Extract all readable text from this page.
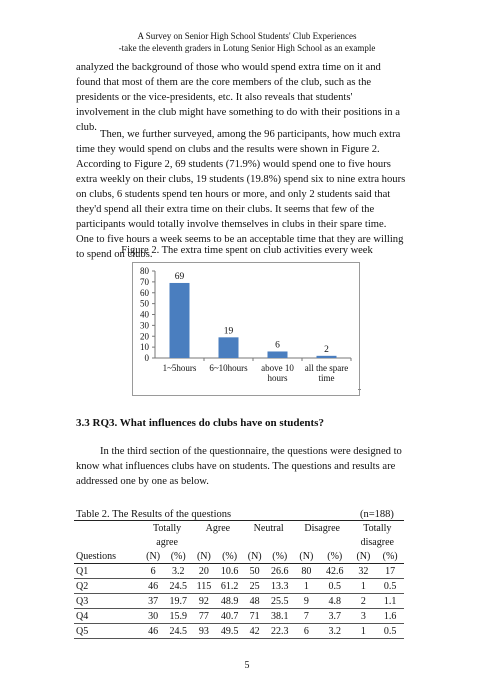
A Survey on Senior High School Students' Club Experiences
-take the eleventh graders in Lotung Senior High School as an example

analyzed the background of those who would spend extra time on it and found that most of them are the core members of the club, such as the presidents or the vice-presidents, etc. It also reveals that students' involvement in the club might have something to do with their positions in a club.

Then, we further surveyed, among the 96 participants, how much extra time they would spend on clubs and the results were shown in Figure 2. According to Figure 2, 69 students (71.9%) would spend one to five hours extra weekly on their clubs, 19 students (19.8%) spend six to nine extra hours on clubs, 6 students spend ten hours or more, and only 2 students said that they'd spend all their extra time on their clubs. It seems that few of the participants would totally involve themselves in clubs in their spare time. One to five hours a week seems to be an acceptable time that they are willing to spend on clubs.

Figure 2. The extra time spent on club activities every week
0
10
20
30
40
50
60
70
80
69
1~5hours
19
6~10hours
6
above 10
hours
2
all the spare
time
3.3 RQ3. What influences do clubs have on students?

In the third section of the questionnaire, the questions were designed to know what influences clubs have on students. The questions and results are addressed one by one as below.

Table 2. The Results of the questions	(n=188)
	Totally		Agree		Neutral		Disagree		Totally	
	agree								disagree	
Questions	(N)	(%)	(N)	(%)	(N)	(%)	(N)	(%)	(N)	(%)
Q1	6	3.2	20	10.6	50	26.6	80	42.6	32	17
Q2	46	24.5	115	61.2	25	13.3	1	0.5	1	0.5
Q3	37	19.7	92	48.9	48	25.5	9	4.8	2	1.1
Q4	30	15.9	77	40.7	71	38.1	7	3.7	3	1.6
Q5	46	24.5	93	49.5	42	22.3	6	3.2	1	0.5
5
